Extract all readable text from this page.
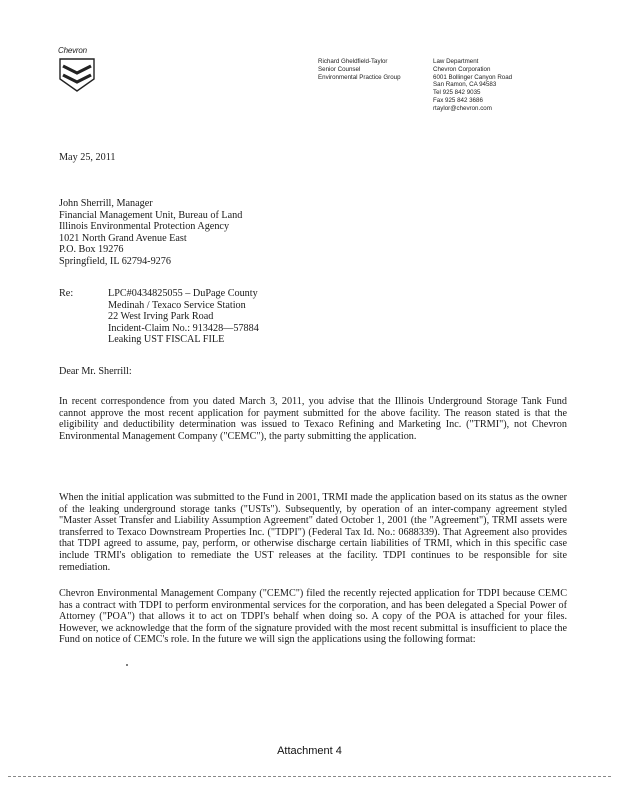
Chevron
Richard Gheldfield-Taylor
Senior Counsel
Environmental Practice Group
Law Department
Chevron Corporation
6001 Bollinger Canyon Road
San Ramon, CA 94583
Tel 925 842 9035
Fax 925 842 3686
rtaylor@chevron.com
May 25, 2011
John Sherrill, Manager
Financial Management Unit, Bureau of Land
Illinois Environmental Protection Agency
1021 North Grand Avenue East
P.O. Box 19276
Springfield, IL 62794-9276
Re:	LPC#0434825055 – DuPage County
Medinah / Texaco Service Station
22 West Irving Park Road
Incident-Claim No.: 913428—57884
Leaking UST FISCAL FILE
Dear Mr. Sherrill:
In recent correspondence from you dated March 3, 2011, you advise that the Illinois Underground Storage Tank Fund cannot approve the most recent application for payment submitted for the above facility. The reason stated is that the eligibility and deductibility determination was issued to Texaco Refining and Marketing Inc. ("TRMI"), not Chevron Environmental Management Company ("CEMC"), the party submitting the application.
When the initial application was submitted to the Fund in 2001, TRMI made the application based on its status as the owner of the leaking underground storage tanks ("USTs"). Subsequently, by operation of an inter-company agreement styled "Master Asset Transfer and Liability Assumption Agreement" dated October 1, 2001 (the "Agreement"), TRMI assets were transferred to Texaco Downstream Properties Inc. ("TDPI") (Federal Tax Id. No.: 0688339). That Agreement also provides that TDPI agreed to assume, pay, perform, or otherwise discharge certain liabilities of TRMI, which in this specific case include TRMI's obligation to remediate the UST releases at the facility. TDPI continues to be responsible for site remediation.
Chevron Environmental Management Company ("CEMC") filed the recently rejected application for TDPI because CEMC has a contract with TDPI to perform environmental services for the corporation, and has been delegated a Special Power of Attorney ("POA") that allows it to act on TDPI's behalf when doing so. A copy of the POA is attached for your files. However, we acknowledge that the form of the signature provided with the most recent submittal is insufficient to place the Fund on notice of CEMC's role. In the future we will sign the applications using the following format:
Attachment 4
